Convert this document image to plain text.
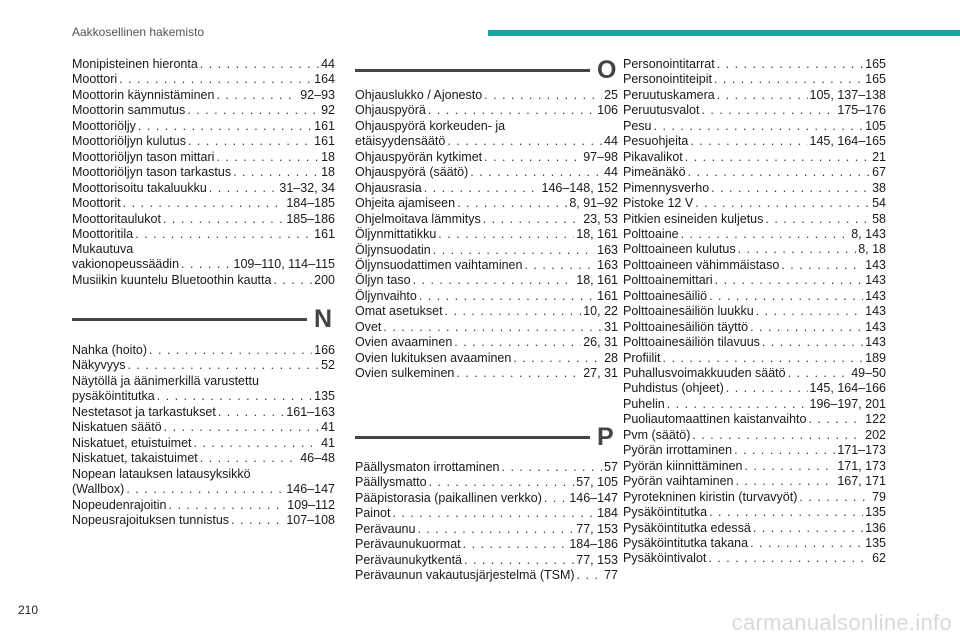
Aakkosellinen hakemisto
Monipisteinen hieronta . . .	44
Moottori . . .	164
Moottorin käynnistäminen . . .	92–93
Moottorin sammutus . . .	92
Moottoriöljy . . .	161
Moottoriöljyn kulutus . . .	161
Moottoriöljyn tason mittari . . .	18
Moottoriöljyn tason tarkastus . . .	18
Moottorisoitu takaluukku . . .	31–32, 34
Moottorit . . .	184–185
Moottoritaulukot . . .	185–186
Moottoritila . . .	161
Mukautuva
vakionopeussäädin . . .	109–110, 114–115
Musiikin kuuntelu Bluetoothin kautta . . .	200
N
Nahka (hoito) . . .	166
Näkyvyys . . .	52
Näytöllä ja äänimerkillä varustettu
pysäköintitutka . . .	135
Nestetasot ja tarkastukset . . .	161–163
Niskatuen säätö . . .	41
Niskatuet, etuistuimet . . .	41
Niskatuet, takaistuimet . . .	46–48
Nopean latauksen latausyksikkö
(Wallbox) . . .	146–147
Nopeudenrajoitin . . .	109–112
Nopeusrajoituksen tunnistus . . .	107–108
O
Ohjauslukko / Ajonesto . . .	25
Ohjauspyörä . . .	106
Ohjauspyörä korkeuden- ja
etäisyydensäätö . . .	44
Ohjauspyörän kytkimet . . .	97–98
Ohjauspyörä (säätö) . . .	44
Ohjausrasia . . .	146–148, 152
Ohjeita ajamiseen . . .	8, 91–92
Ohjelmoitava lämmitys . . .	23, 53
Öljynmittatikku . . .	18, 161
Öljynsuodatin . . .	163
Öljynsuodattimen vaihtaminen . . .	163
Öljyn taso . . .	18, 161
Öljynvaihto . . .	161
Omat asetukset . . .	10, 22
Ovet . . .	31
Ovien avaaminen . . .	26, 31
Ovien lukituksen avaaminen . . .	28
Ovien sulkeminen . . .	27, 31
P
Päällysmaton irrottaminen . . .	57
Päällysmatto . . .	57, 105
Pääpistorasia (paikallinen verkko) . . . 146–147
Painot . . .	184
Perävaunu . . .	77, 153
Perävaunukuormat . . .	184–186
Perävaunukytkentä . . .	77, 153
Perävaunun vakautusjärjestelmä (TSM) . . . 77
Personointitarrat . . .	165
Personointiteipit . . .	165
Peruutuskamera . . .	105, 137–138
Peruutusvalot . . .	175–176
Pesu . . .	105
Pesuohjeita . . .	145, 164–165
Pikavalikot . . .	21
Pimeänäkö . . .	67
Pimennysverho . . .	38
Pistoke 12 V . . .	54
Pitkien esineiden kuljetus . . .	58
Polttoaine . . .	8, 143
Polttoaineen kulutus . . .	8, 18
Polttoaineen vähimmäistaso . . .	143
Polttoainemittari . . .	143
Polttoainesäiliö . . .	143
Polttoainesäiliön luukku . . .	143
Polttoainesäiliön täyttö . . .	143
Polttoainesäiliön tilavuus . . .	143
Profiilit . . .	189
Puhallusvoimakkuuden säätö . . .	49–50
Puhdistus (ohjeet) . . .	145, 164–166
Puhelin . . .	196–197, 201
Puoliautomaattinen kaistanvaihto . . .	122
Pvm (säätö) . . .	202
Pyörän irrottaminen . . .	171–173
Pyörän kiinnittäminen . . .	171, 173
Pyörän vaihtaminen . . .	167, 171
Pyrotekninen kiristin (turvavyöt) . . .	79
Pysäköintitutka . . .	135
Pysäköintitutka edessä . . .	136
Pysäköintitutka takana . . .	135
Pysäköintivalot . . .	62
210	carmanualsonline.info
